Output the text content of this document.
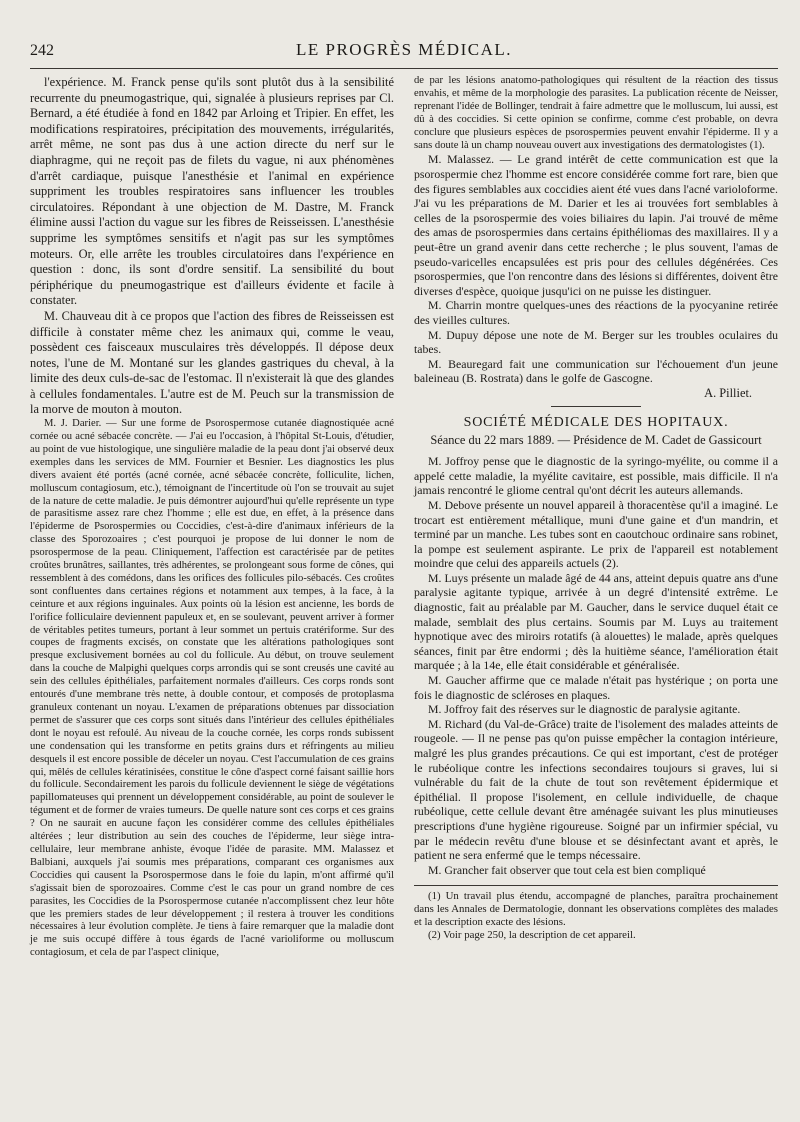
242	LE PROGRÈS MÉDICAL.

l'expérience. M. Franck pense qu'ils sont plutôt dus à la sensibilité recurrente du pneumogastrique, qui, signalée à plusieurs reprises par Cl. Bernard, a été étudiée à fond en 1842 par Arloing et Tripier. En effet, les modifications respiratoires, précipitation des mouvements, irrégularités, arrêt même, ne sont pas dus à une action directe du nerf sur le diaphragme, qui ne reçoit pas de filets du vague, ni aux phénomènes d'arrêt cardiaque, puisque l'anesthésie et l'animal en expérience suppriment les troubles respiratoires sans influencer les troubles circulatoires. Répondant à une objection de M. Dastre, M. Franck élimine aussi l'action du vague sur les fibres de Reisseissen. L'anesthésie supprime les symptômes sensitifs et n'agit pas sur les symptômes moteurs. Or, elle arrête les troubles circulatoires dans l'expérience en question : donc, ils sont d'ordre sensitif. La sensibilité du bout périphérique du pneumogastrique est d'ailleurs évidente et facile à constater.

M. Chauveau dit à ce propos que l'action des fibres de Reisseissen est difficile à constater même chez les animaux qui, comme le veau, possèdent ces faisceaux musculaires très développés. Il dépose deux notes, l'une de M. Montané sur les glandes gastriques du cheval, à la limite des deux culs-de-sac de l'estomac. Il n'existerait là que des glandes à cellules fondamentales. L'autre est de M. Peuch sur la transmission de la morve de mouton à mouton.

M. J. Darier. — Sur une forme de Psorospermose cutanée diagnostiquée acné cornée ou acné sébacée concrète. — J'ai eu l'occasion, à l'hôpital St-Louis, d'étudier, au point de vue histologique, une singulière maladie de la peau dont j'ai observé deux exemples dans les services de MM. Fournier et Besnier. Les diagnostics les plus divers avaient été portés (acné cornée, acné sébacée concrète, folliculite, lichen, molluscum contagiosum, etc.), témoignant de l'incertitude où l'on se trouvait au sujet de la nature de cette maladie. Je puis démontrer aujourd'hui qu'elle représente un type de parasitisme assez rare chez l'homme ; elle est due, en effet, à la présence dans l'épiderme de Psorospermies ou Coccidies, c'est-à-dire d'animaux inférieurs de la classe des Sporozoaires ; c'est pourquoi je propose de lui donner le nom de psorospermose de la peau. Cliniquement, l'affection est caractérisée par de petites croûtes brunâtres, saillantes, très adhérentes, se prolongeant sous forme de cônes, qui ressemblent à des comédons, dans les orifices des follicules pilo-sébacés. Ces croûtes sont confluentes dans certaines régions et notamment aux tempes, à la face, à la ceinture et aux régions inguinales. Aux points où la lésion est ancienne, les bords de l'orifice folliculaire deviennent papuleux et, en se soulevant, peuvent arriver à former de véritables petites tumeurs, portant à leur sommet un pertuis cratériforme. Sur des coupes de fragments excisés, on constate que les altérations pathologiques sont presque exclusivement bornées au col du follicule. Au début, on trouve seulement dans la couche de Malpighi quelques corps arrondis qui se sont creusés une cavité au sein des cellules épithéliales, parfaitement normales d'ailleurs. Ces corps ronds sont entourés d'une membrane très nette, à double contour, et composés de protoplasma granuleux contenant un noyau. L'examen de préparations obtenues par dissociation permet de s'assurer que ces corps sont situés dans l'intérieur des cellules épithéliales dont le noyau est refoulé. Au niveau de la couche cornée, les corps ronds subissent une condensation qui les transforme en petits grains durs et réfringents au milieu desquels il est encore possible de déceler un noyau. C'est l'accumulation de ces grains qui, mêlés de cellules kératinisées, constitue le cône d'aspect corné faisant saillie hors du follicule. Secondairement les parois du follicule deviennent le siège de végétations papillomateuses qui prennent un développement considérable, au point de soulever le tégument et de former de vraies tumeurs. De quelle nature sont ces corps et ces grains ? On ne saurait en aucune façon les considérer comme des cellules épithéliales altérées ; leur distribution au sein des couches de l'épiderme, leur siège intra-cellulaire, leur membrane anhiste, évoque l'idée de parasite. MM. Malassez et Balbiani, auxquels j'ai soumis mes préparations, comparant ces organismes aux Coccidies qui causent la Psorospermose dans le foie du lapin, m'ont affirmé qu'il s'agissait bien de sporozoaires. Comme c'est le cas pour un grand nombre de ces parasites, les Coccidies de la Psorospermose cutanée n'accomplissent chez leur hôte que les premiers stades de leur développement ; il restera à trouver les conditions nécessaires à leur évolution complète. Je tiens à faire remarquer que la maladie dont je me suis occupé diffère à tous égards de l'acné varioliforme ou molluscum contagiosum, et cela de par l'aspect clinique,

de par les lésions anatomo-pathologiques qui résultent de la réaction des tissus envahis, et même de la morphologie des parasites. La publication récente de Neisser, reprenant l'idée de Bollinger, tendrait à faire admettre que le molluscum, lui aussi, est dû à des coccidies. Si cette opinion se confirme, comme c'est probable, on devra conclure que plusieurs espèces de psorospermies peuvent envahir l'épiderme. Il y a sans doute là un champ nouveau ouvert aux investigations des dermatologistes (1).

M. Malassez. — Le grand intérêt de cette communication est que la psorospermie chez l'homme est encore considérée comme fort rare, bien que des figures semblables aux coccidies aient été vues dans l'acné varioloforme. J'ai vu les préparations de M. Darier et les ai trouvées fort semblables à celles de la psorospermie des voies biliaires du lapin. J'ai trouvé de même des amas de psorospermies dans certains épithéliomas des maxillaires. Il y a peut-être un grand avenir dans cette recherche ; le plus souvent, l'amas de pseudo-varicelles encapsulées est pris pour des cellules dégénérées. Ces psorospermies, que l'on rencontre dans des lésions si différentes, doivent être diverses d'espèce, quoique jusqu'ici on ne puisse les distinguer.

M. Charrin montre quelques-unes des réactions de la pyocyanine retirée des vieilles cultures.

M. Dupuy dépose une note de M. Berger sur les troubles oculaires du tabes.

M. Beauregard fait une communication sur l'échouement d'un jeune baleineau (B. Rostrata) dans le golfe de Gascogne.

A. Pilliet.
SOCIÉTÉ MÉDICALE DES HOPITAUX.
Séance du 22 mars 1889. — Présidence de M. Cadet de Gassicourt

M. Joffroy pense que le diagnostic de la syringo-myélite, ou comme il a appelé cette maladie, la myélite cavitaire, est possible, mais difficile. Il n'a jamais rencontré le gliome central qu'ont décrit les auteurs allemands.

M. Debove présente un nouvel appareil à thoracentèse qu'il a imaginé. Le trocart est entièrement métallique, muni d'une gaine et d'un mandrin, et terminé par un manche. Les tubes sont en caoutchouc ordinaire sans robinet, la pompe est seulement aspirante. Le prix de l'appareil est notablement moindre que celui des appareils actuels (2).

M. Luys présente un malade âgé de 44 ans, atteint depuis quatre ans d'une paralysie agitante typique, arrivée à un degré d'intensité extrême. Le diagnostic, fait au préalable par M. Gaucher, dans le service duquel était ce malade, semblait des plus certains. Soumis par M. Luys au traitement hypnotique avec des miroirs rotatifs (à alouettes) le malade, après quelques séances, finit par être endormi ; dès la huitième séance, l'amélioration était marquée ; à la 14e, elle était considérable et généralisée.

M. Gaucher affirme que ce malade n'était pas hystérique ; on porta une fois le diagnostic de scléroses en plaques.

M. Joffroy fait des réserves sur le diagnostic de paralysie agitante.

M. Richard (du Val-de-Grâce) traite de l'isolement des malades atteints de rougeole. — Il ne pense pas qu'on puisse empêcher la contagion intérieure, malgré les plus grandes précautions. Ce qui est important, c'est de protéger le rubéolique contre les infections secondaires toujours si graves, lui si vulnérable du fait de la chute de tout son revêtement épidermique et épithélial. Il propose l'isolement, en cellule individuelle, de chaque rubéolique, cette cellule devant être aménagée suivant les plus minutieuses prescriptions d'une hygiène rigoureuse. Soigné par un infirmier spécial, vu par le médecin revêtu d'une blouse et se désinfectant avant et après, le patient ne sera enfermé que le temps nécessaire.

M. Grancher fait observer que tout cela est bien compliqué

(1) Un travail plus étendu, accompagné de planches, paraîtra prochainement dans les Annales de Dermatologie, donnant les observations complètes des malades et la description exacte des lésions.

(2) Voir page 250, la description de cet appareil.
